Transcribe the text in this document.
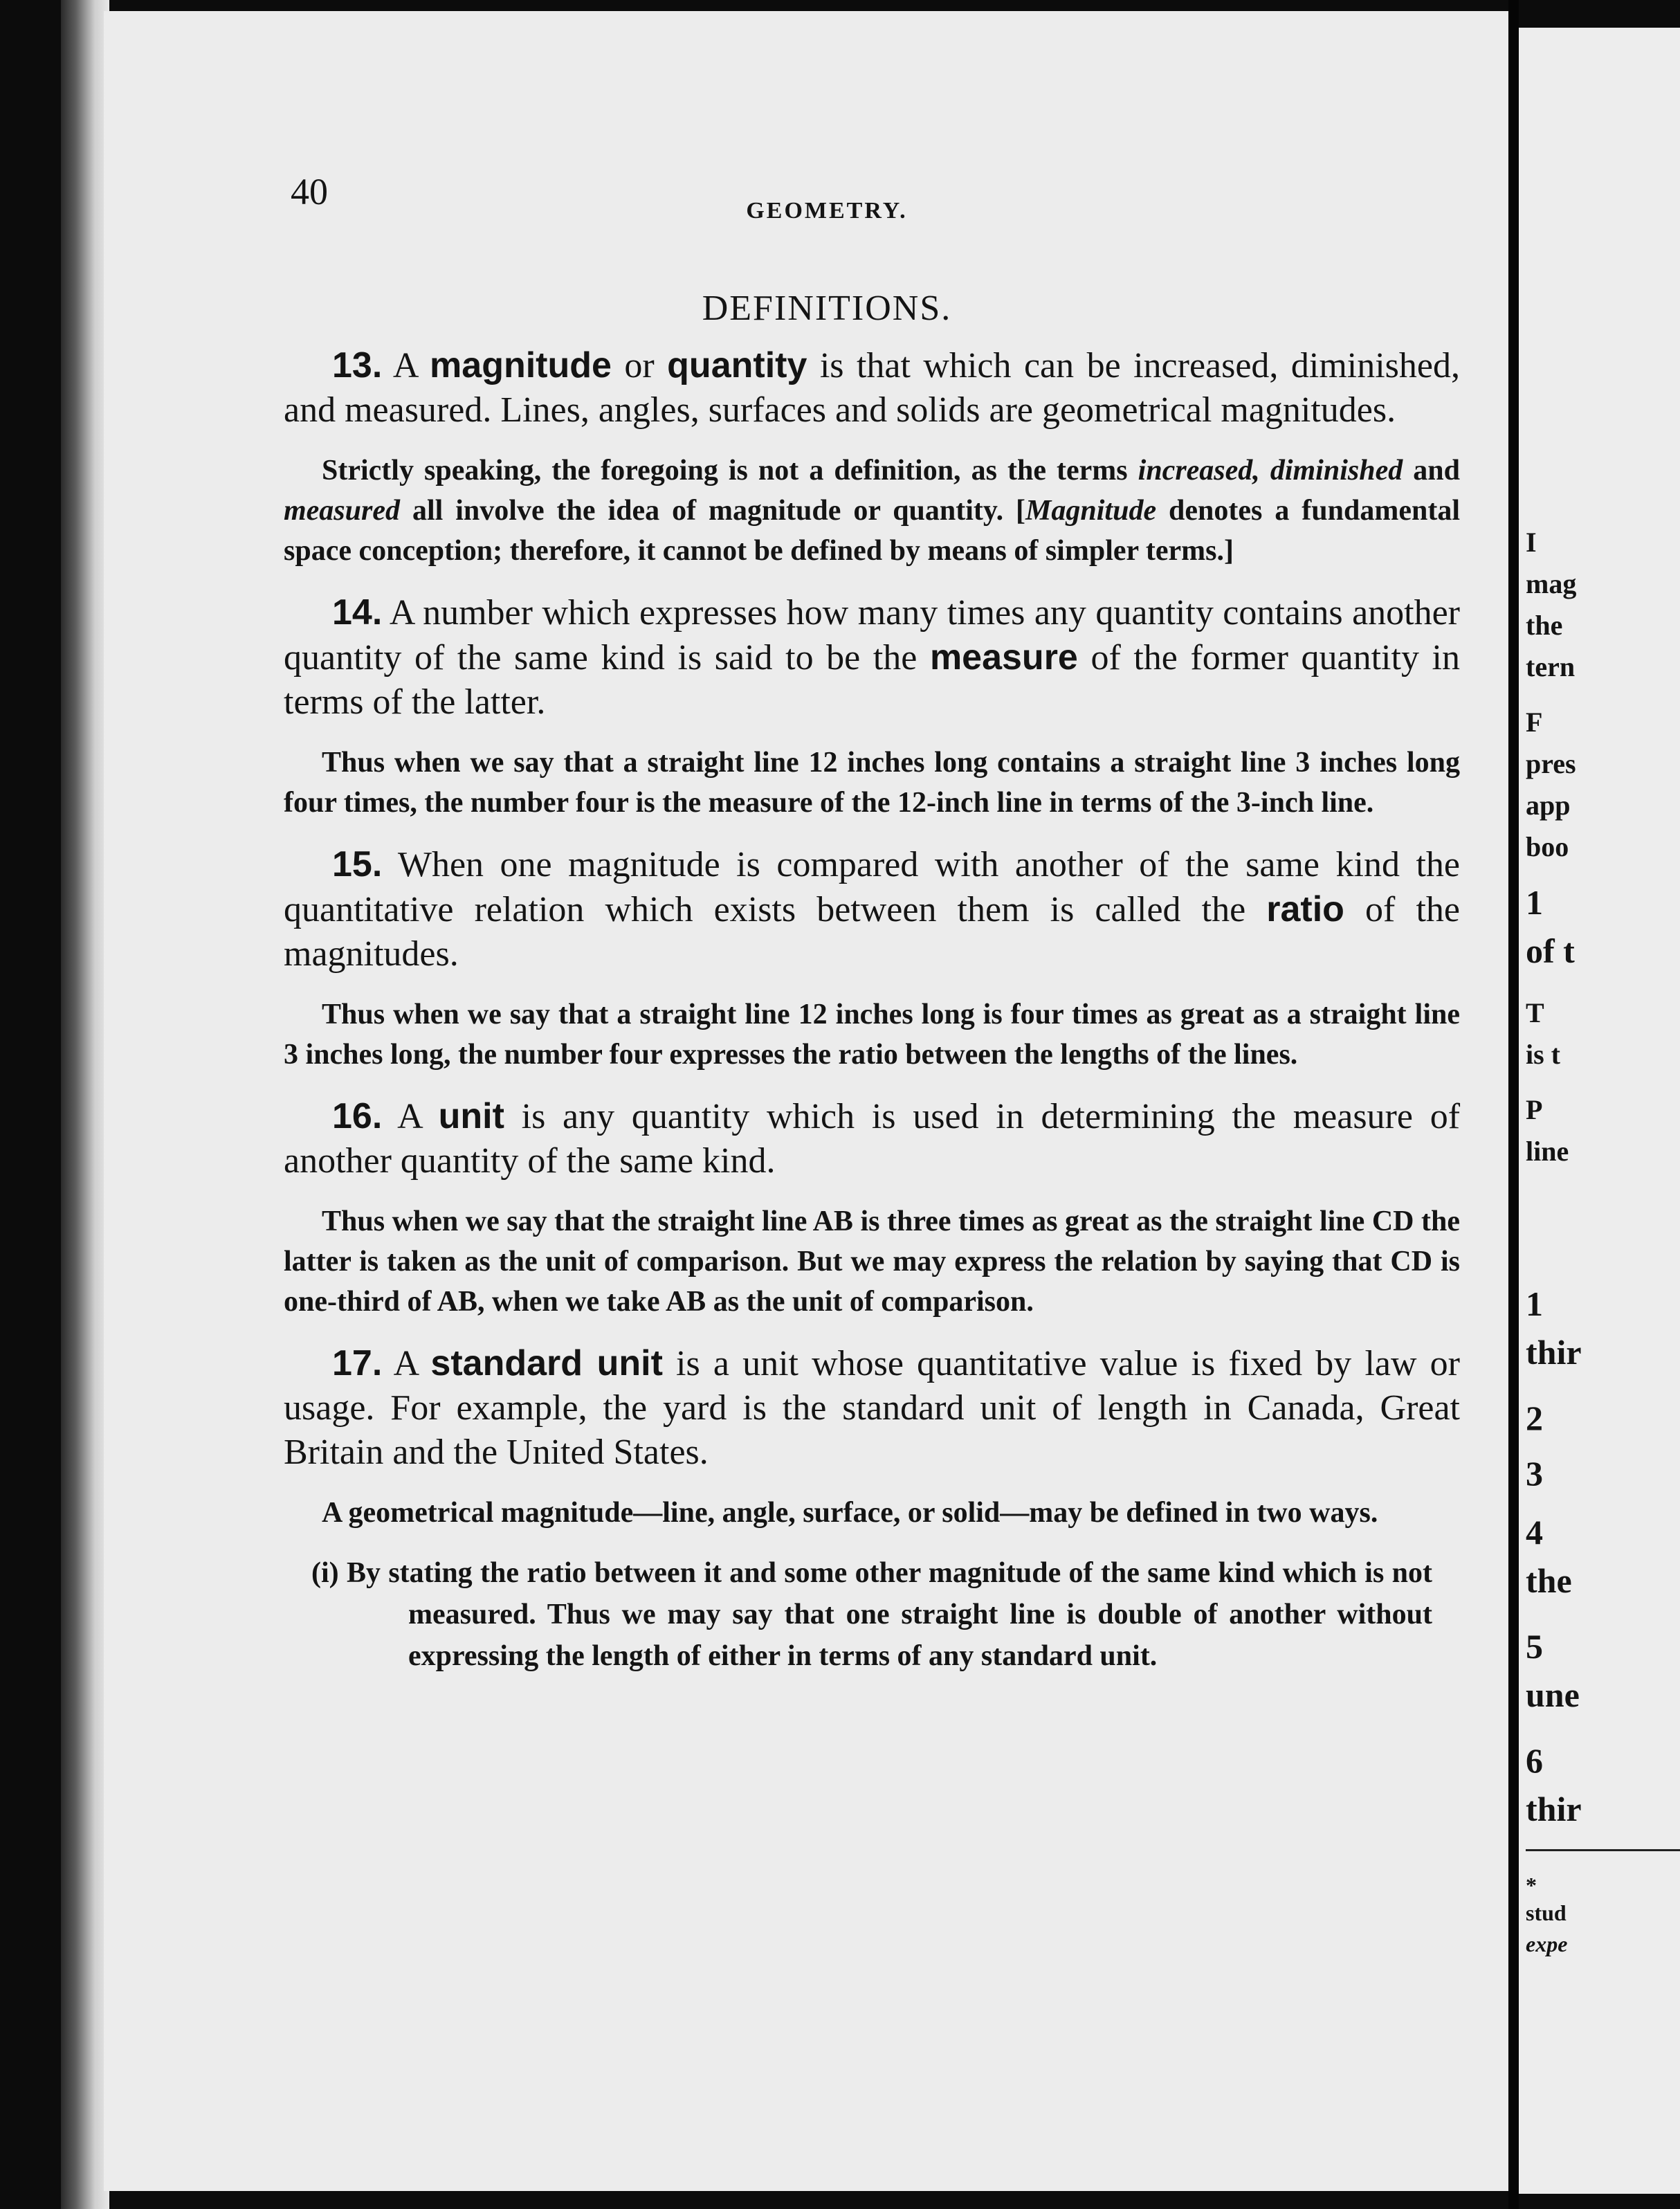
40	GEOMETRY.
DEFINITIONS.

13. A magnitude or quantity is that which can be increased, diminished, and measured. Lines, angles, surfaces and solids are geometrical magnitudes.

Strictly speaking, the foregoing is not a definition, as the terms increased, diminished and measured all involve the idea of magnitude or quantity. [Magnitude denotes a fundamental space conception; therefore, it cannot be defined by means of simpler terms.]

14. A number which expresses how many times any quantity contains another quantity of the same kind is said to be the measure of the former quantity in terms of the latter.

Thus when we say that a straight line 12 inches long contains a straight line 3 inches long four times, the number four is the measure of the 12-inch line in terms of the 3-inch line.

15. When one magnitude is compared with another of the same kind the quantitative relation which exists between them is called the ratio of the magnitudes.

Thus when we say that a straight line 12 inches long is four times as great as a straight line 3 inches long, the number four expresses the ratio between the lengths of the lines.

16. A unit is any quantity which is used in determining the measure of another quantity of the same kind.

Thus when we say that the straight line AB is three times as great as the straight line CD the latter is taken as the unit of comparison. But we may express the relation by saying that CD is one-third of AB, when we take AB as the unit of comparison.

17. A standard unit is a unit whose quantitative value is fixed by law or usage. For example, the yard is the standard unit of length in Canada, Great Britain and the United States.

A geometrical magnitude—line, angle, surface, or solid—may be defined in two ways.

(i) By stating the ratio between it and some other magnitude of the same kind which is not measured. Thus we may say that one straight line is double of another without expressing the length of either in terms of any standard unit.

I
mag
the
tern
F
pres
app
boo
1
of t
T
is t
P
line
1
thir
2
3
4
the
5
une
6
thir
*
stud
expe
